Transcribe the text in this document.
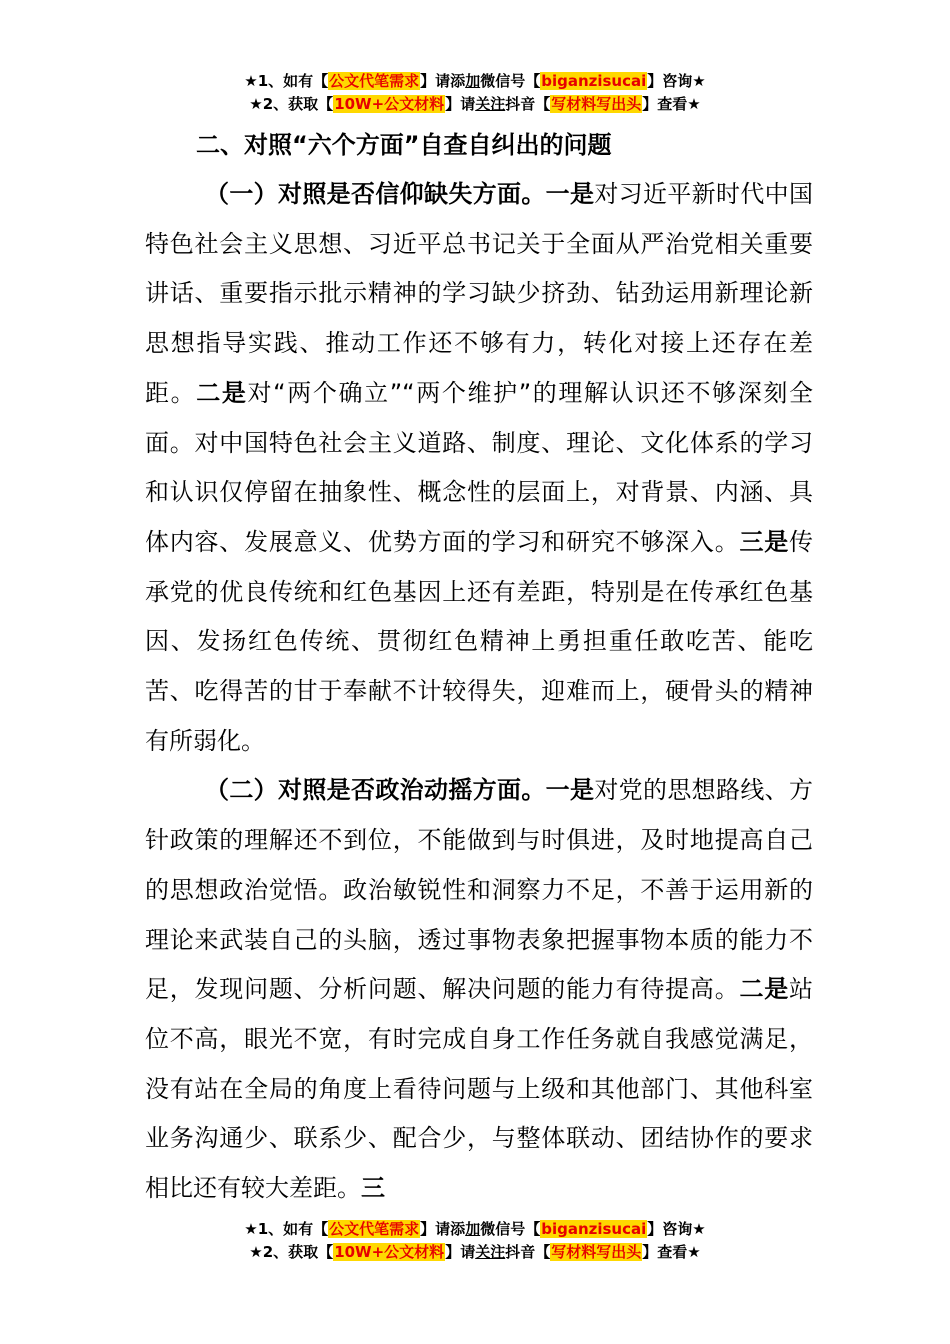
★1、如有【公文代笔需求】请添加微信号【biganzisucai】咨询★
★2、获取【10W+公文材料】请关注抖音【写材料写出头】查看★
二、对照“六个方面”自查自纠出的问题

（一）对照是否信仰缺失方面。一是对习近平新时代中国特色社会主义思想、习近平总书记关于全面从严治党相关重要讲话、重要指示批示精神的学习缺少挤劲、钻劲运用新理论新思想指导实践、推动工作还不够有力，转化对接上还存在差距。二是对“两个确立”“两个维护”的理解认识还不够深刻全面。对中国特色社会主义道路、制度、理论、文化体系的学习和认识仅停留在抽象性、概念性的层面上，对背景、内涵、具体内容、发展意义、优势方面的学习和研究不够深入。三是传承党的优良传统和红色基因上还有差距，特别是在传承红色基因、发扬红色传统、贯彻红色精神上勇担重任敢吃苦、能吃苦、吃得苦的甘于奉献不计较得失，迎难而上，硬骨头的精神有所弱化。

（二）对照是否政治动摇方面。一是对党的思想路线、方针政策的理解还不到位，不能做到与时俱进，及时地提高自己的思想政治觉悟。政治敏锐性和洞察力不足，不善于运用新的理论来武装自己的头脑，透过事物表象把握事物本质的能力不足，发现问题、分析问题、解决问题的能力有待提高。二是站位不高，眼光不宽，有时完成自身工作任务就自我感觉满足，没有站在全局的角度上看待问题与上级和其他部门、其他科室业务沟通少、联系少、配合少，与整体联动、团结协作的要求相比还有较大差距。三

★1、如有【公文代笔需求】请添加微信号【biganzisucai】咨询★
★2、获取【10W+公文材料】请关注抖音【写材料写出头】查看★
